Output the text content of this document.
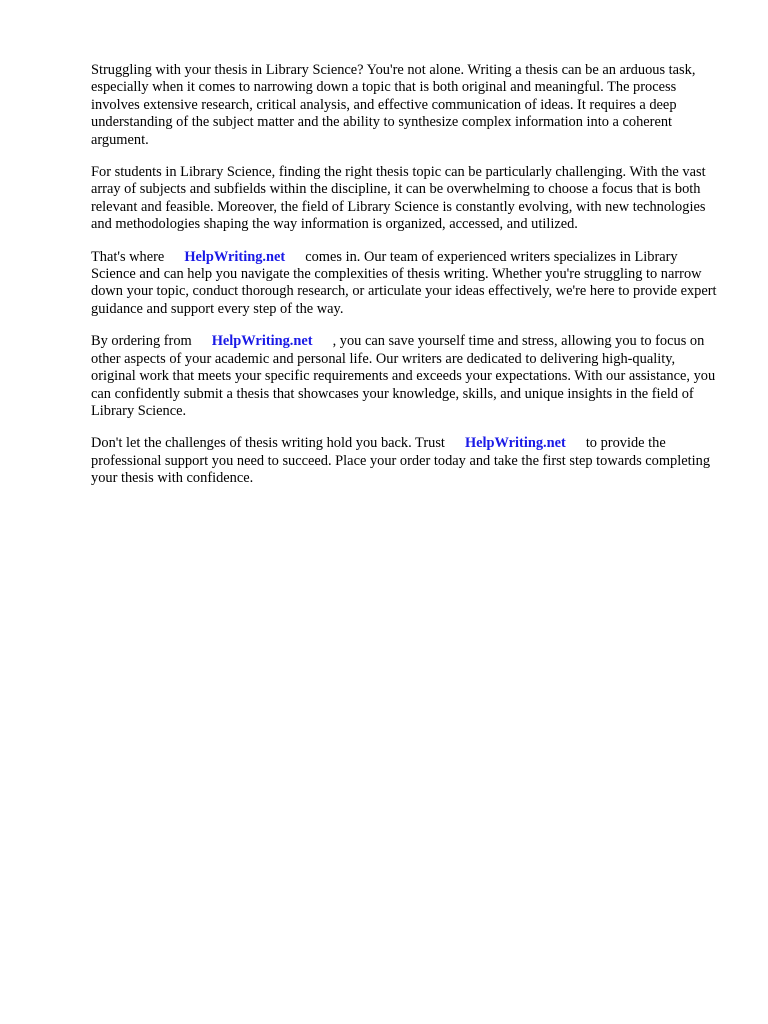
Struggling with your thesis in Library Science? You're not alone. Writing a thesis can be an arduous task, especially when it comes to narrowing down a topic that is both original and meaningful. The process involves extensive research, critical analysis, and effective communication of ideas. It requires a deep understanding of the subject matter and the ability to synthesize complex information into a coherent argument.

For students in Library Science, finding the right thesis topic can be particularly challenging. With the vast array of subjects and subfields within the discipline, it can be overwhelming to choose a focus that is both relevant and feasible. Moreover, the field of Library Science is constantly evolving, with new technologies and methodologies shaping the way information is organized, accessed, and utilized.

That's where HelpWriting.net comes in. Our team of experienced writers specializes in Library Science and can help you navigate the complexities of thesis writing. Whether you're struggling to narrow down your topic, conduct thorough research, or articulate your ideas effectively, we're here to provide expert guidance and support every step of the way.

By ordering from HelpWriting.net , you can save yourself time and stress, allowing you to focus on other aspects of your academic and personal life. Our writers are dedicated to delivering high-quality, original work that meets your specific requirements and exceeds your expectations. With our assistance, you can confidently submit a thesis that showcases your knowledge, skills, and unique insights in the field of Library Science.

Don't let the challenges of thesis writing hold you back. Trust HelpWriting.net to provide the professional support you need to succeed. Place your order today and take the first step towards completing your thesis with confidence.
